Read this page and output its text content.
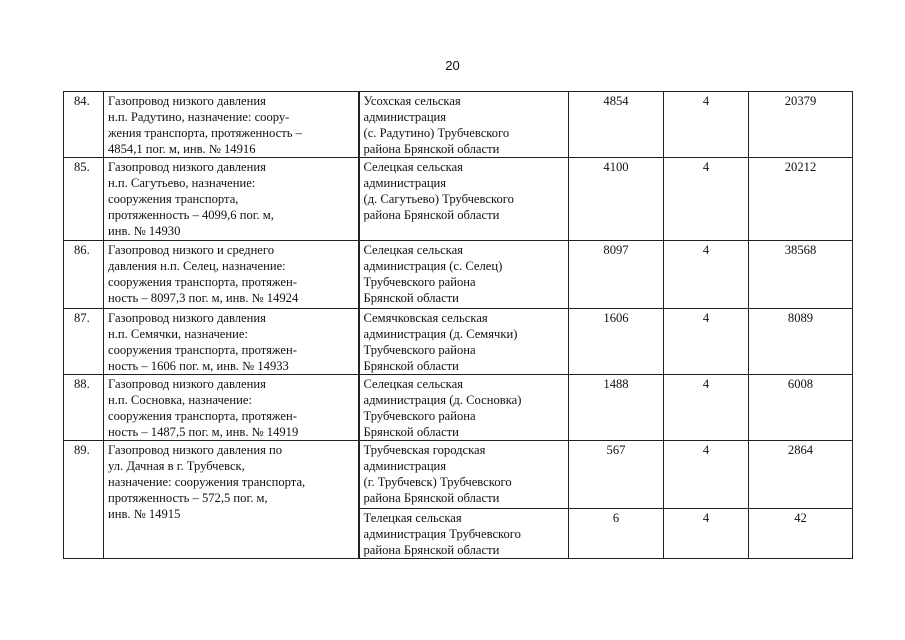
20
84.	Газопровод низкого давления
н.п. Радутино, назначение: соору-
жения транспорта, протяженность –
4854,1 пог. м, инв. № 14916	Усохская сельская
администрация
(с. Радутино) Трубчевского
района Брянской области	4854	4	20379
85.	Газопровод низкого давления
н.п. Сагутьево, назначение:
сооружения транспорта,
протяженность – 4099,6 пог. м,
инв. № 14930	Селецкая сельская
администрация
(д. Сагутьево) Трубчевского
района Брянской области	4100	4	20212
86.	Газопровод низкого и среднего
давления н.п. Селец, назначение:
сооружения транспорта, протяжен-
ность – 8097,3 пог. м, инв. № 14924	Селецкая сельская
администрация (с. Селец)
Трубчевского района
Брянской области	8097	4	38568
87.	Газопровод низкого давления
н.п. Семячки, назначение:
сооружения транспорта, протяжен-
ность – 1606 пог. м, инв. № 14933	Семячковская сельская
администрация (д. Семячки)
Трубчевского района
Брянской области	1606	4	8089
88.	Газопровод низкого давления
н.п. Сосновка, назначение:
сооружения транспорта, протяжен-
ность – 1487,5 пог. м, инв. № 14919	Селецкая сельская
администрация (д. Сосновка)
Трубчевского района
Брянской области	1488	4	6008
89.	Газопровод низкого давления по
ул. Дачная в г. Трубчевск,
назначение: сооружения транспорта,
протяженность – 572,5 пог. м,
инв. № 14915	Трубчевская городская
администрация
(г. Трубчевск) Трубчевского
района Брянской области	567	4	2864

		Телецкая сельская
администрация Трубчевского
района Брянской области	6	4	42
